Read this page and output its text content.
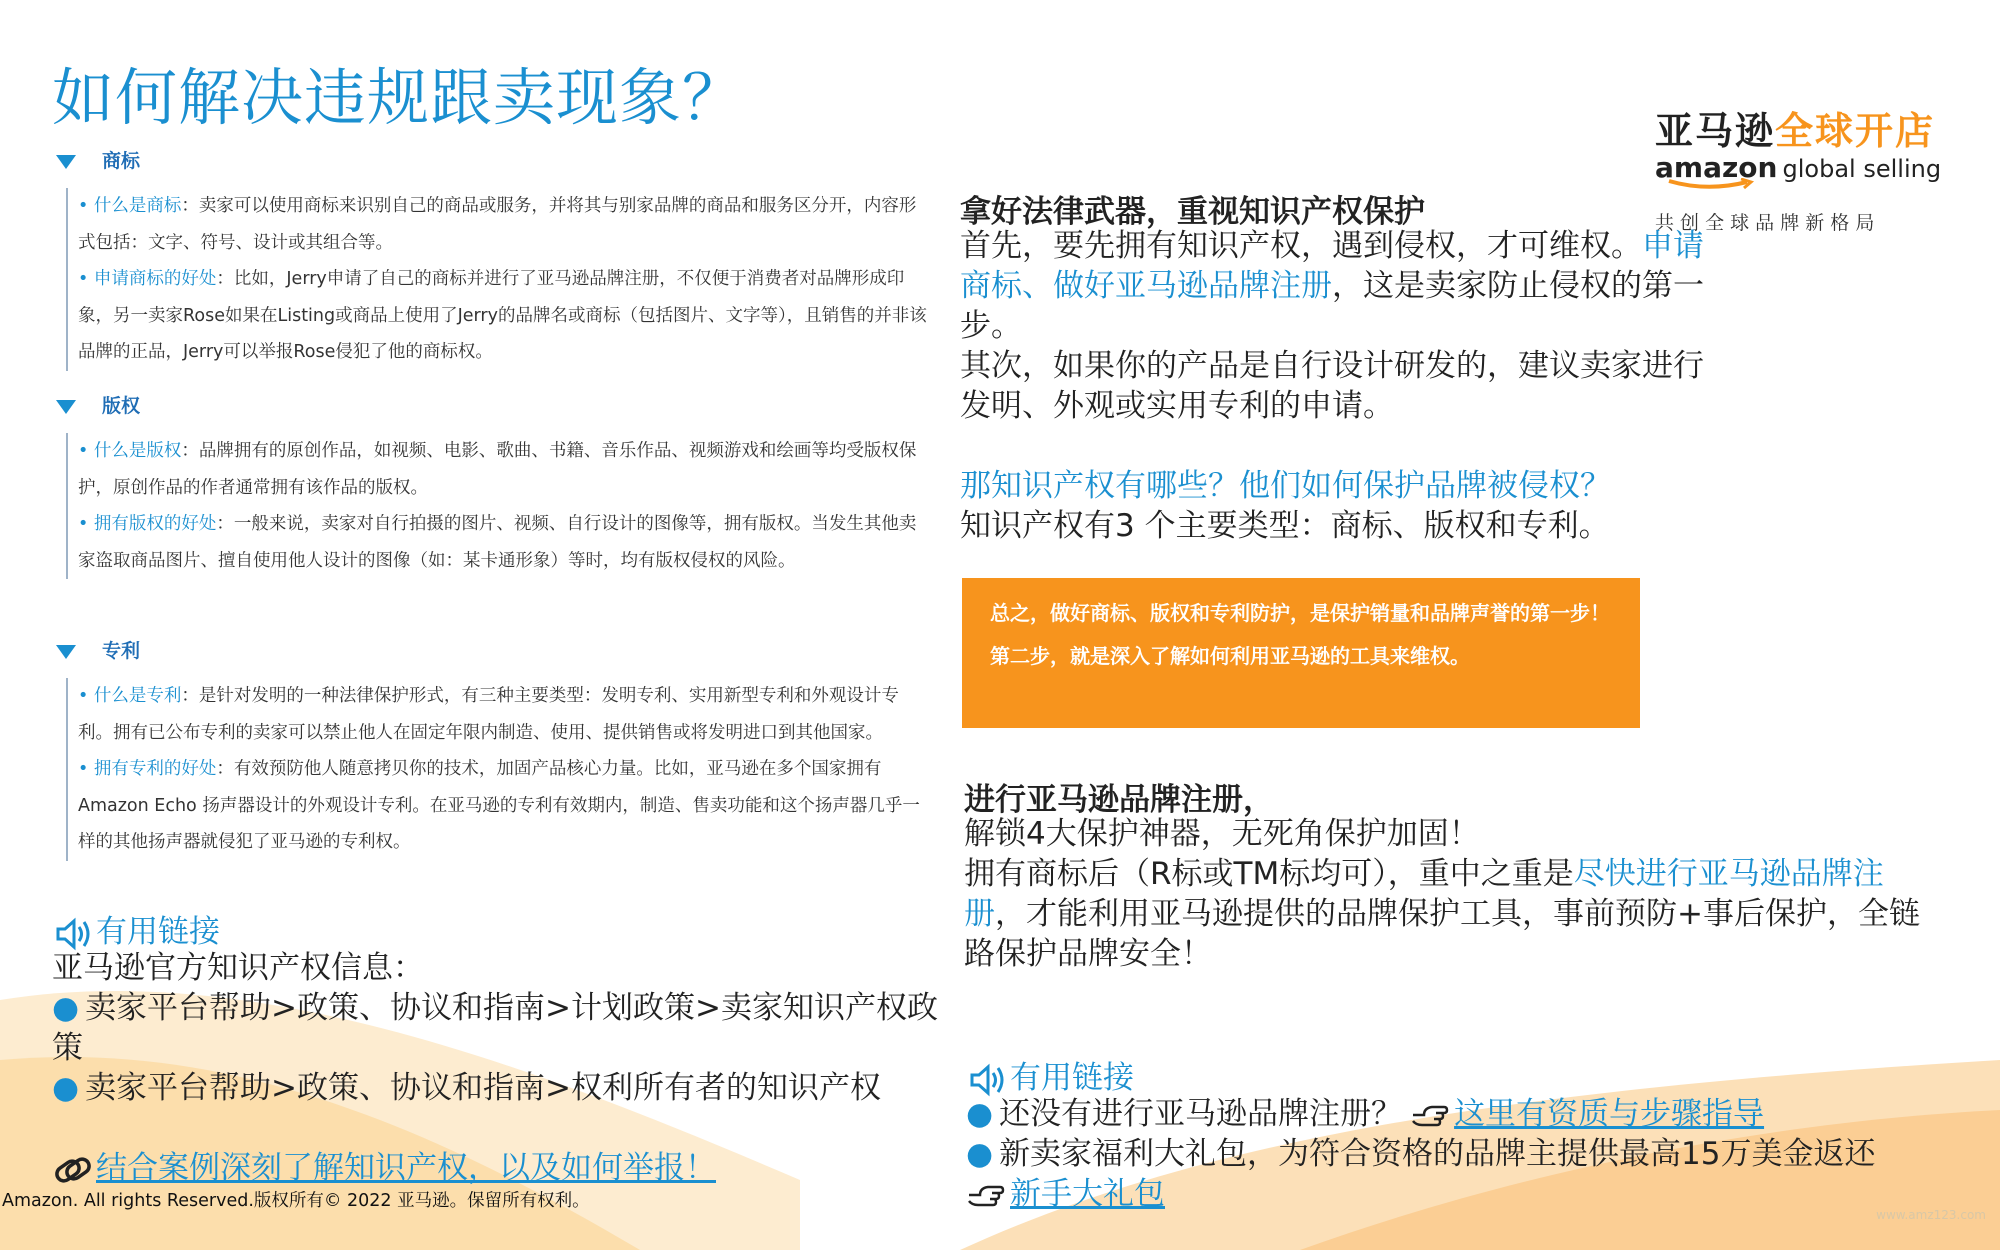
如何解决违规跟卖现象？	亚马逊全球开店
amazon global selling
共 创 全 球 品 牌 新 格 局
商标

• 什么是商标：卖家可以使用商标来识别自己的商品或服务，并将其与别家品牌的商品和服务区分开，内容形式包括：文字、符号、设计或其组合等。

• 申请商标的好处：比如，Jerry申请了自己的商标并进行了亚马逊品牌注册，不仅便于消费者对品牌形成印象，另一卖家Rose如果在Listing或商品上使用了Jerry的品牌名或商标（包括图片、文字等），且销售的并非该品牌的正品，Jerry可以举报Rose侵犯了他的商标权。

版权

• 什么是版权：品牌拥有的原创作品，如视频、电影、歌曲、书籍、音乐作品、视频游戏和绘画等均受版权保护，原创作品的作者通常拥有该作品的版权。

• 拥有版权的好处：一般来说，卖家对自行拍摄的图片、视频、自行设计的图像等，拥有版权。当发生其他卖家盗取商品图片、擅自使用他人设计的图像（如：某卡通形象）等时，均有版权侵权的风险。

专利

• 什么是专利：是针对发明的一种法律保护形式，有三种主要类型：发明专利、实用新型专利和外观设计专利。拥有已公布专利的卖家可以禁止他人在固定年限内制造、使用、提供销售或将发明进口到其他国家。

• 拥有专利的好处：有效预防他人随意拷贝你的技术，加固产品核心力量。比如，亚马逊在多个国家拥有Amazon Echo 扬声器设计的外观设计专利。在亚马逊的专利有效期内，制造、售卖功能和这个扬声器几乎一样的其他扬声器就侵犯了亚马逊的专利权。

有用链接
亚马逊官方知识产权信息：
● 卖家平台帮助>政策、协议和指南>计划政策>卖家知识产权政策
● 卖家平台帮助>政策、协议和指南>权利所有者的知识产权
结合案例深刻了解知识产权，以及如何举报！
拿好法律武器，重视知识产权保护
首先，要先拥有知识产权，遇到侵权，才可维权。申请商标、做好亚马逊品牌注册，这是卖家防止侵权的第一步。
其次，如果你的产品是自行设计研发的，建议卖家进行发明、外观或实用专利的申请。
那知识产权有哪些？他们如何保护品牌被侵权？
知识产权有3 个主要类型：商标、版权和专利。
总之，做好商标、版权和专利防护，是保护销量和品牌声誉的第一步！第二步，就是深入了解如何利用亚马逊的工具来维权。
进行亚马逊品牌注册，
解锁4大保护神器，无死角保护加固！
拥有商标后（R标或TM标均可），重中之重是尽快进行亚马逊品牌注册，才能利用亚马逊提供的品牌保护工具，事前预防+事后保护，全链路保护品牌安全！
有用链接
● 还没有进行亚马逊品牌注册？ 这里有资质与步骤指导
● 新卖家福利大礼包，为符合资格的品牌主提供最高15万美金返还
新手大礼包
Amazon. All rights Reserved.版权所有© 2022 亚马逊。保留所有权利。
www.amz123.com
